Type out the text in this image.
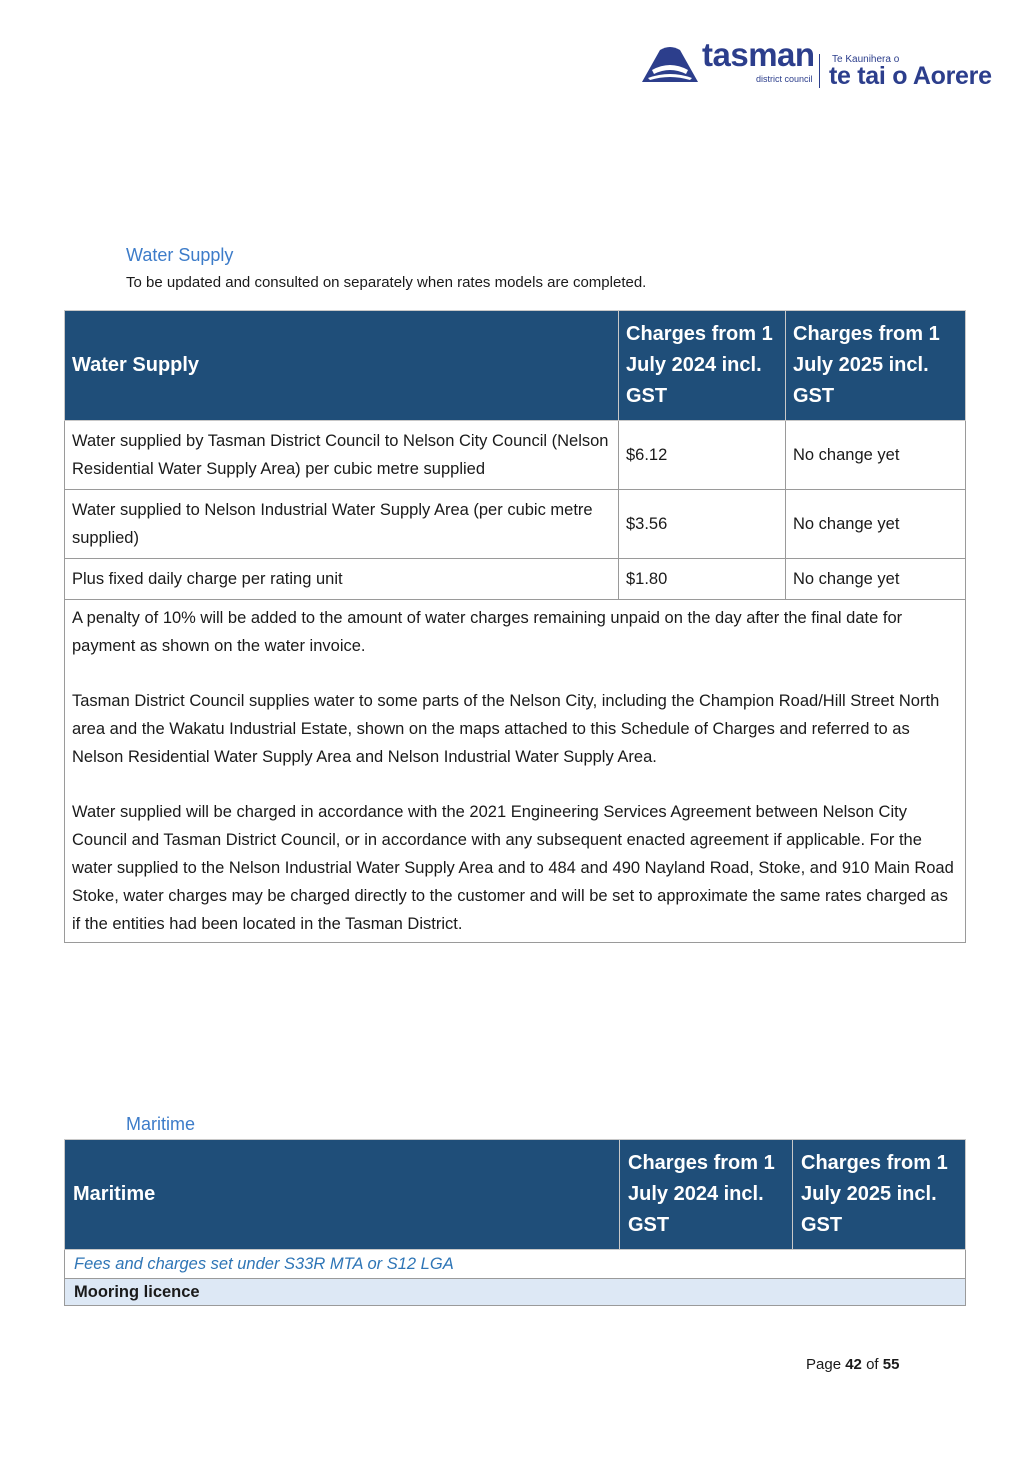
tasman
district council
Te Kaunihera o
te tai o Aorere
Water Supply
To be updated and consulted on separately when rates models are completed.
Water Supply	Charges from 1 July 2024 incl. GST	Charges from 1 July 2025 incl. GST
Water supplied by Tasman District Council to Nelson City Council (Nelson Residential Water Supply Area) per cubic metre supplied	$6.12	No change yet
Water supplied to Nelson Industrial Water Supply Area (per cubic metre supplied)	$3.56	No change yet
Plus fixed daily charge per rating unit	$1.80	No change yet

A penalty of 10% will be added to the amount of water charges remaining unpaid on the day after the final date for payment as shown on the water invoice.

Tasman District Council supplies water to some parts of the Nelson City, including the Champion Road/Hill Street North area and the Wakatu Industrial Estate, shown on the maps attached to this Schedule of Charges and referred to as Nelson Residential Water Supply Area and Nelson Industrial Water Supply Area.

Water supplied will be charged in accordance with the 2021 Engineering Services Agreement between Nelson City Council and Tasman District Council, or in accordance with any subsequent enacted agreement if applicable. For the water supplied to the Nelson Industrial Water Supply Area and to 484 and 490 Nayland Road, Stoke, and 910 Main Road Stoke, water charges may be charged directly to the customer and will be set to approximate the same rates charged as if the entities had been located in the Tasman District.		

Maritime
Maritime	Charges from 1 July 2024 incl. GST	Charges from 1 July 2025 incl. GST
Fees and charges set under S33R MTA or S12 LGA
Mooring licence
Page 42 of 55
